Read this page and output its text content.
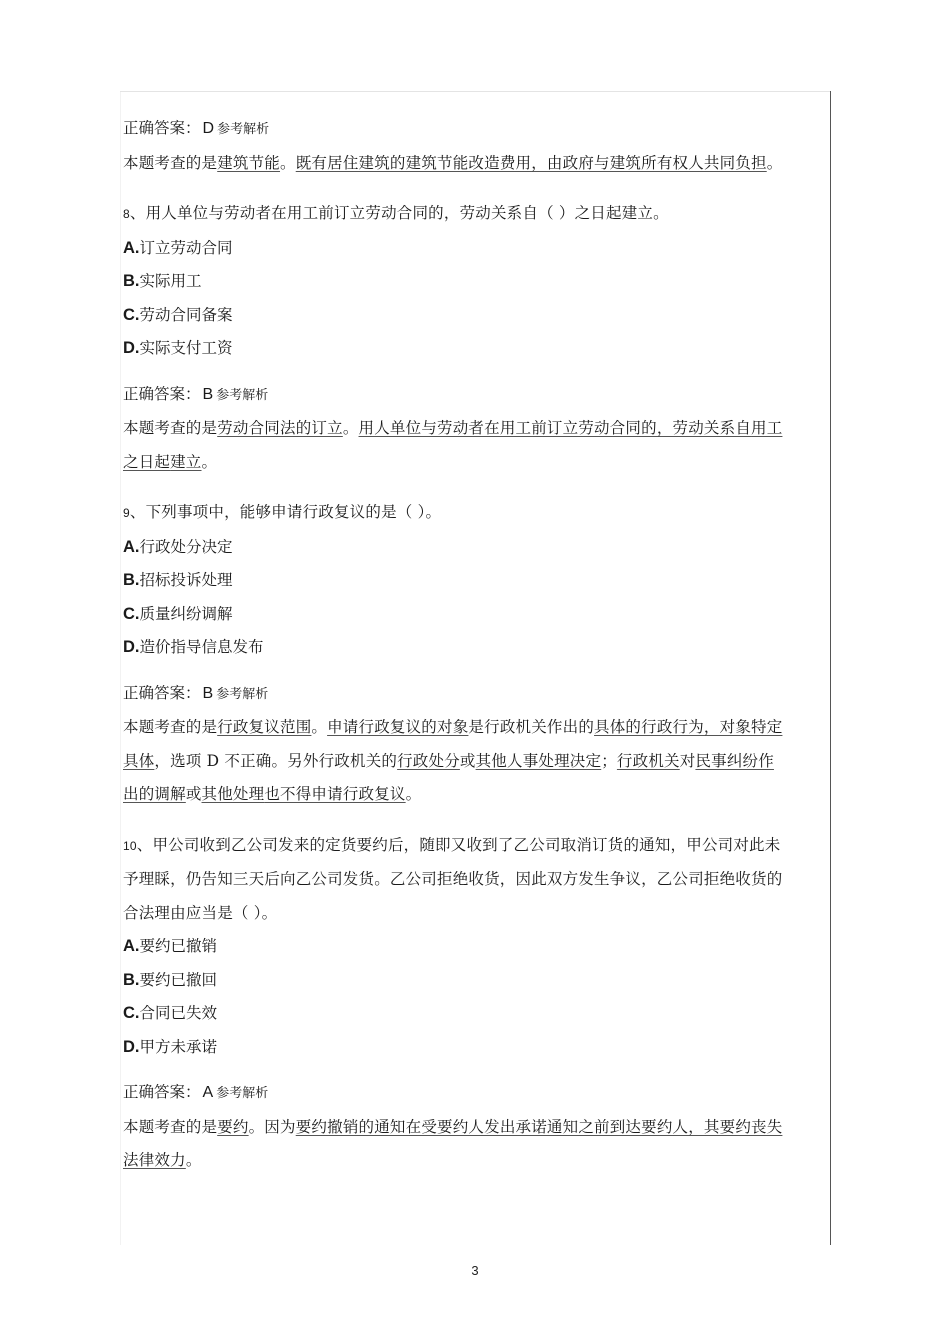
正确答案： D 参考解析
本题考查的是建筑节能。既有居住建筑的建筑节能改造费用，由政府与建筑所有权人共同负担。
8、用人单位与劳动者在用工前订立劳动合同的，劳动关系自（ ）之日起建立。
A.订立劳动合同
B.实际用工
C.劳动合同备案
D.实际支付工资
正确答案： B 参考解析
本题考查的是劳动合同法的订立。用人单位与劳动者在用工前订立劳动合同的，劳动关系自用工
之日起建立。
9、下列事项中，能够申请行政复议的是（ ）。
A.行政处分决定
B.招标投诉处理
C.质量纠纷调解
D.造价指导信息发布
正确答案： B 参考解析
本题考查的是行政复议范围。申请行政复议的对象是行政机关作出的具体的行政行为，对象特定
具体，选项 D 不正确。另外行政机关的行政处分或其他人事处理决定；行政机关对民事纠纷作
出的调解或其他处理也不得申请行政复议。
10、甲公司收到乙公司发来的定货要约后，随即又收到了乙公司取消订货的通知，甲公司对此未
予理睬，仍告知三天后向乙公司发货。乙公司拒绝收货，因此双方发生争议，乙公司拒绝收货的
合法理由应当是（ ）。
A.要约已撤销
B.要约已撤回
C.合同已失效
D.甲方未承诺
正确答案： A 参考解析
本题考查的是要约。因为要约撤销的通知在受要约人发出承诺通知之前到达要约人，其要约丧失
法律效力。
3
